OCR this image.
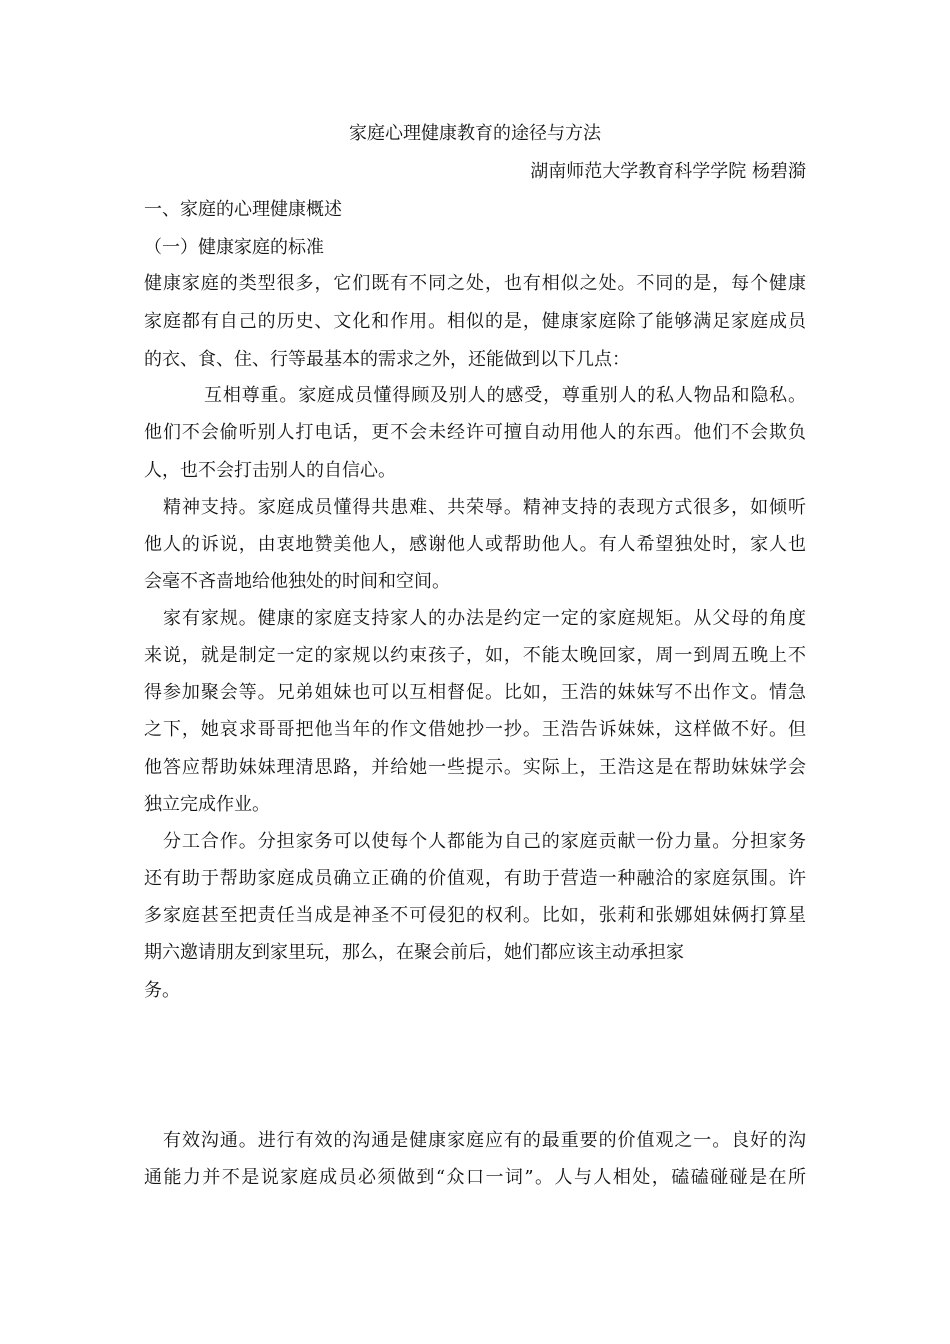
家庭心理健康教育的途径与方法
湖南师范大学教育科学学院 杨碧漪
一、家庭的心理健康概述
（一）健康家庭的标准
健康家庭的类型很多，它们既有不同之处，也有相似之处。不同的是，每个健康
家庭都有自己的历史、文化和作用。相似的是，健康家庭除了能够满足家庭成员
的衣、食、住、行等最基本的需求之外，还能做到以下几点：
互相尊重。家庭成员懂得顾及别人的感受，尊重别人的私人物品和隐私。
他们不会偷听别人打电话，更不会未经许可擅自动用他人的东西。他们不会欺负
人，也不会打击别人的自信心。
精神支持。家庭成员懂得共患难、共荣辱。精神支持的表现方式很多，如倾听
他人的诉说，由衷地赞美他人，感谢他人或帮助他人。有人希望独处时，家人也
会毫不吝啬地给他独处的时间和空间。
家有家规。健康的家庭支持家人的办法是约定一定的家庭规矩。从父母的角度
来说，就是制定一定的家规以约束孩子，如，不能太晚回家，周一到周五晚上不
得参加聚会等。兄弟姐妹也可以互相督促。比如，王浩的妹妹写不出作文。情急
之下，她哀求哥哥把他当年的作文借她抄一抄。王浩告诉妹妹，这样做不好。但
他答应帮助妹妹理清思路，并给她一些提示。实际上，王浩这是在帮助妹妹学会
独立完成作业。
分工合作。分担家务可以使每个人都能为自己的家庭贡献一份力量。分担家务
还有助于帮助家庭成员确立正确的价值观，有助于营造一种融洽的家庭氛围。许
多家庭甚至把责任当成是神圣不可侵犯的权利。比如，张莉和张娜姐妹俩打算星
期六邀请朋友到家里玩，那么，在聚会前后，她们都应该主动承担家
务。
有效沟通。进行有效的沟通是健康家庭应有的最重要的价值观之一。良好的沟
通能力并不是说家庭成员必须做到“众口一词”。人与人相处，磕磕碰碰是在所
